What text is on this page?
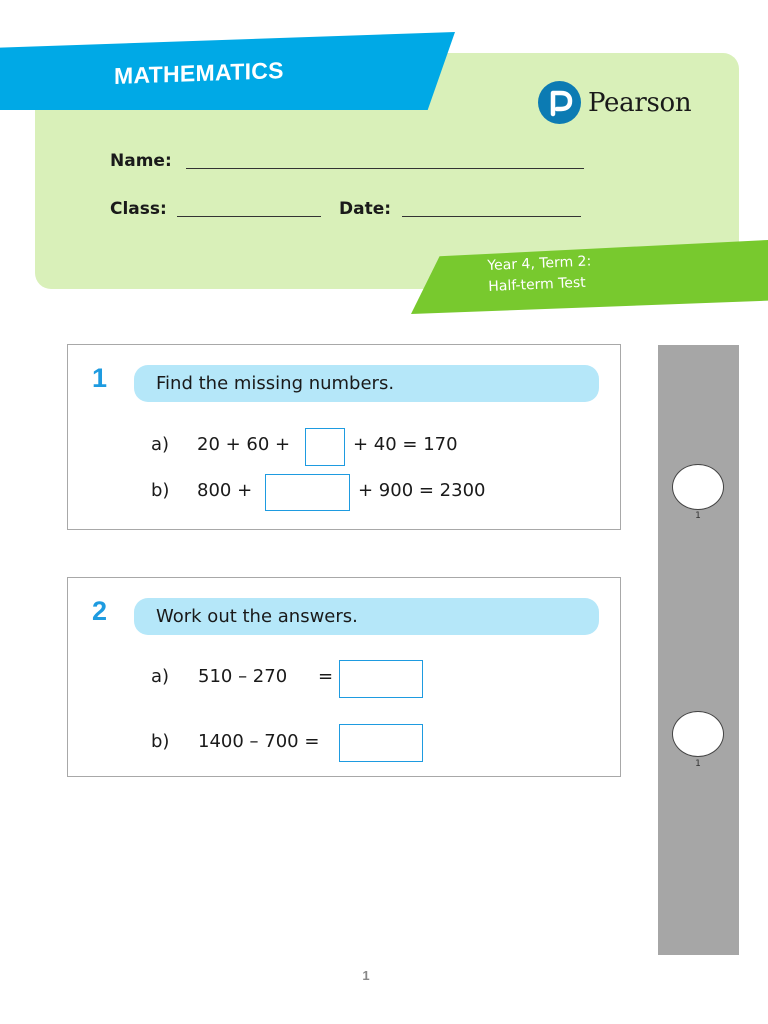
MATHEMATICS
Pearson
Name:
Class:	Date:
Year 4, Term 2:
Half-term Test
1	Find the missing numbers.
a) 20 + 60 +	+ 40 = 170
b) 800 +	+ 900 = 2300
2	Work out the answers.
a) 510 – 270 =
b) 1400 – 700 =
1
1
1
